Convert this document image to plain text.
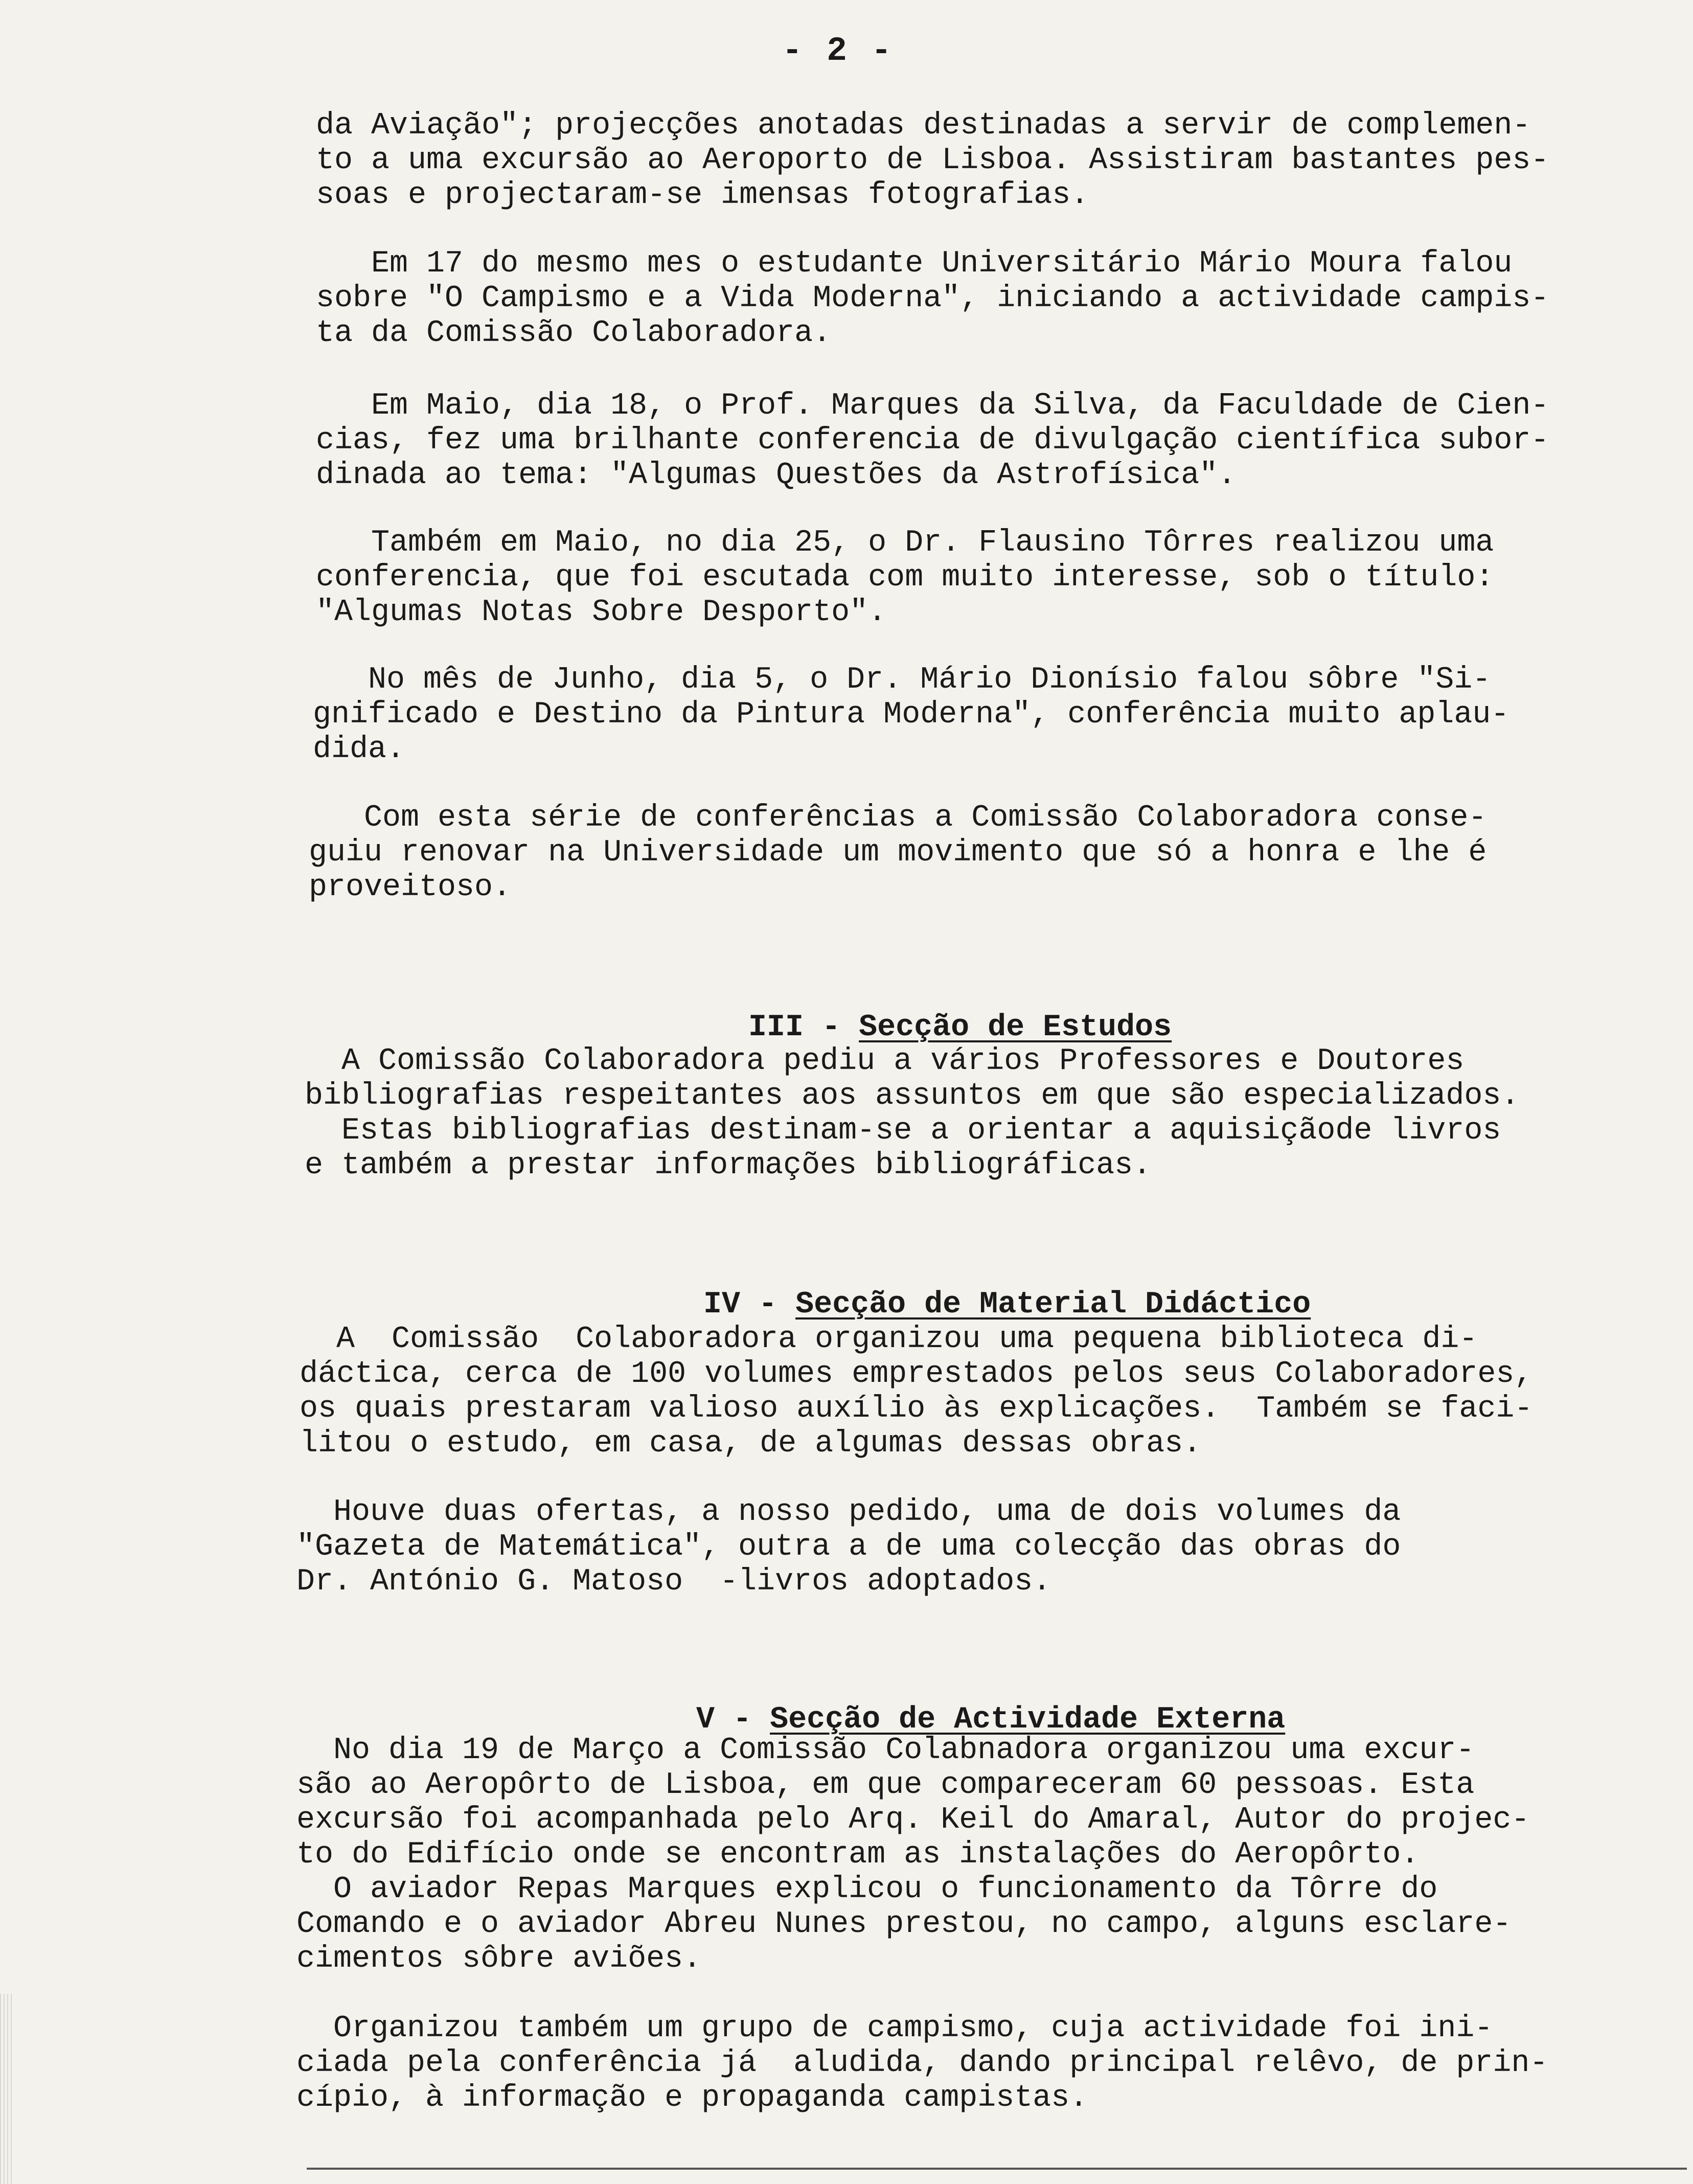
- 2 -

da Aviação"; projecções anotadas destinadas a servir de complemen-
to a uma excursão ao Aeroporto de Lisboa. Assistiram bastantes pes-
soas e projectaram-se imensas fotografias.

Em 17 do mesmo mes o estudante Universitário Mário Moura falou
sobre "O Campismo e a Vida Moderna", iniciando a actividade campis-
ta da Comissão Colaboradora.

Em Maio, dia 18, o Prof. Marques da Silva, da Faculdade de Cien-
cias, fez uma brilhante conferencia de divulgação científica subor-
dinada ao tema: "Algumas Questões da Astrofísica".

Também em Maio, no dia 25, o Dr. Flausino Tôrres realizou uma
conferencia, que foi escutada com muito interesse, sob o título:
"Algumas Notas Sobre Desporto".

No mês de Junho, dia 5, o Dr. Mário Dionísio falou sôbre "Si-
gnificado e Destino da Pintura Moderna", conferência muito aplau-
dida.

Com esta série de conferências a Comissão Colaboradora conse-
guiu renovar na Universidade um movimento que só a honra e lhe é
proveitoso.

III - Secção de Estudos

A Comissão Colaboradora pediu a vários Professores e Doutores
bibliografias respeitantes aos assuntos em que são especializados.
Estas bibliografias destinam-se a orientar a aquisiçãode livros
e também a prestar informações bibliográficas.

IV - Secção de Material Didáctico

A  Comissão  Colaboradora organizou uma pequena biblioteca di-
dáctica, cerca de 100 volumes emprestados pelos seus Colaboradores,
os quais prestaram valioso auxílio às explicações.  Também se faci-
litou o estudo, em casa, de algumas dessas obras.

Houve duas ofertas, a nosso pedido, uma de dois volumes da
"Gazeta de Matemática", outra a de uma colecção das obras do
Dr. António G. Matoso  -livros adoptados.

V - Secção de Actividade Externa

No dia 19 de Março a Comissão Colabnadora organizou uma excur-
são ao Aeropôrto de Lisboa, em que compareceram 60 pessoas. Esta
excursão foi acompanhada pelo Arq. Keil do Amaral, Autor do projec-
to do Edifício onde se encontram as instalações do Aeropôrto.
O aviador Repas Marques explicou o funcionamento da Tôrre do
Comando e o aviador Abreu Nunes prestou, no campo, alguns esclare-
cimentos sôbre aviões.

Organizou também um grupo de campismo, cuja actividade foi ini-
ciada pela conferência já  aludida, dando principal relêvo, de prin-
cípio, à informação e propaganda campistas.
